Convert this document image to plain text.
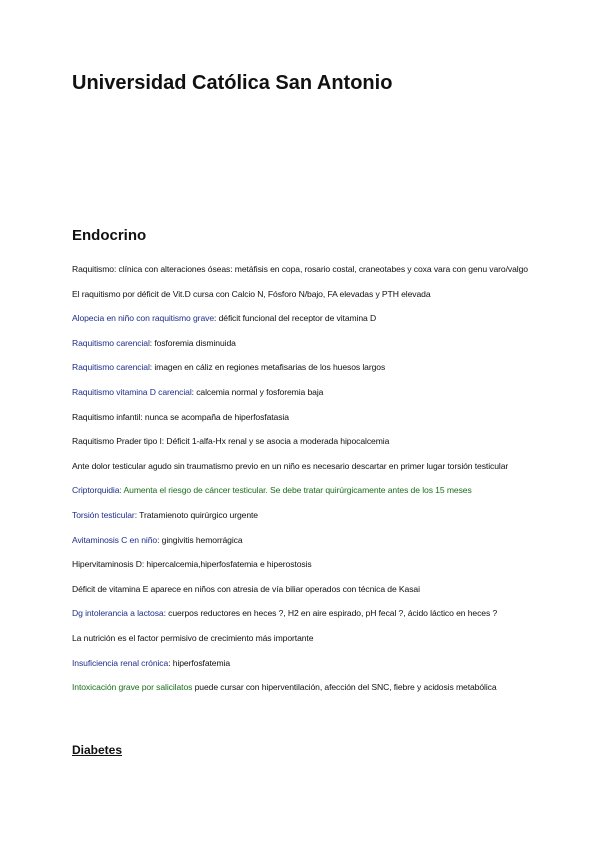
Universidad Católica San Antonio
Endocrino
Raquitismo: clínica con alteraciones óseas: metáfisis en copa, rosario costal, craneotabes y coxa vara con genu varo/valgo
El raquitismo por déficit de Vit.D cursa con Calcio N, Fósforo N/bajo, FA elevadas y PTH elevada
Alopecia en niño con raquitismo grave: déficit funcional del receptor de vitamina D
Raquitismo carencial: fosforemia disminuida
Raquitismo carencial: imagen en cáliz en regiones metafisarias de los huesos largos
Raquitismo vitamina D carencial: calcemia normal y fosforemia baja
Raquitismo infantil: nunca se acompaña de hiperfosfatasia
Raquitismo Prader tipo I: Déficit 1-alfa-Hx renal y se asocia a moderada hipocalcemia
Ante dolor testicular agudo sin traumatismo previo en un niño es necesario descartar en primer lugar torsión testicular
Criptorquidia: Aumenta el riesgo de cáncer testicular. Se debe tratar quirúrgicamente antes de los 15 meses
Torsión testicular: Tratamienoto quirúrgico urgente
Avitaminosis C en niño: gingivitis hemorrágica
Hipervitaminosis D: hipercalcemia,hiperfosfatemia e hiperostosis
Déficit de vitamina E aparece en niños con atresia de vía biliar operados con técnica de Kasai
Dg intolerancia a lactosa: cuerpos reductores en heces ?, H2 en aire espirado, pH fecal ?, ácido láctico en heces ?
La nutrición es el factor permisivo de crecimiento más importante
Insuficiencia renal crónica: hiperfosfatemia
Intoxicación grave por salicilatos puede cursar con hiperventilación, afección del SNC, fiebre y acidosis metabólica
Diabetes
